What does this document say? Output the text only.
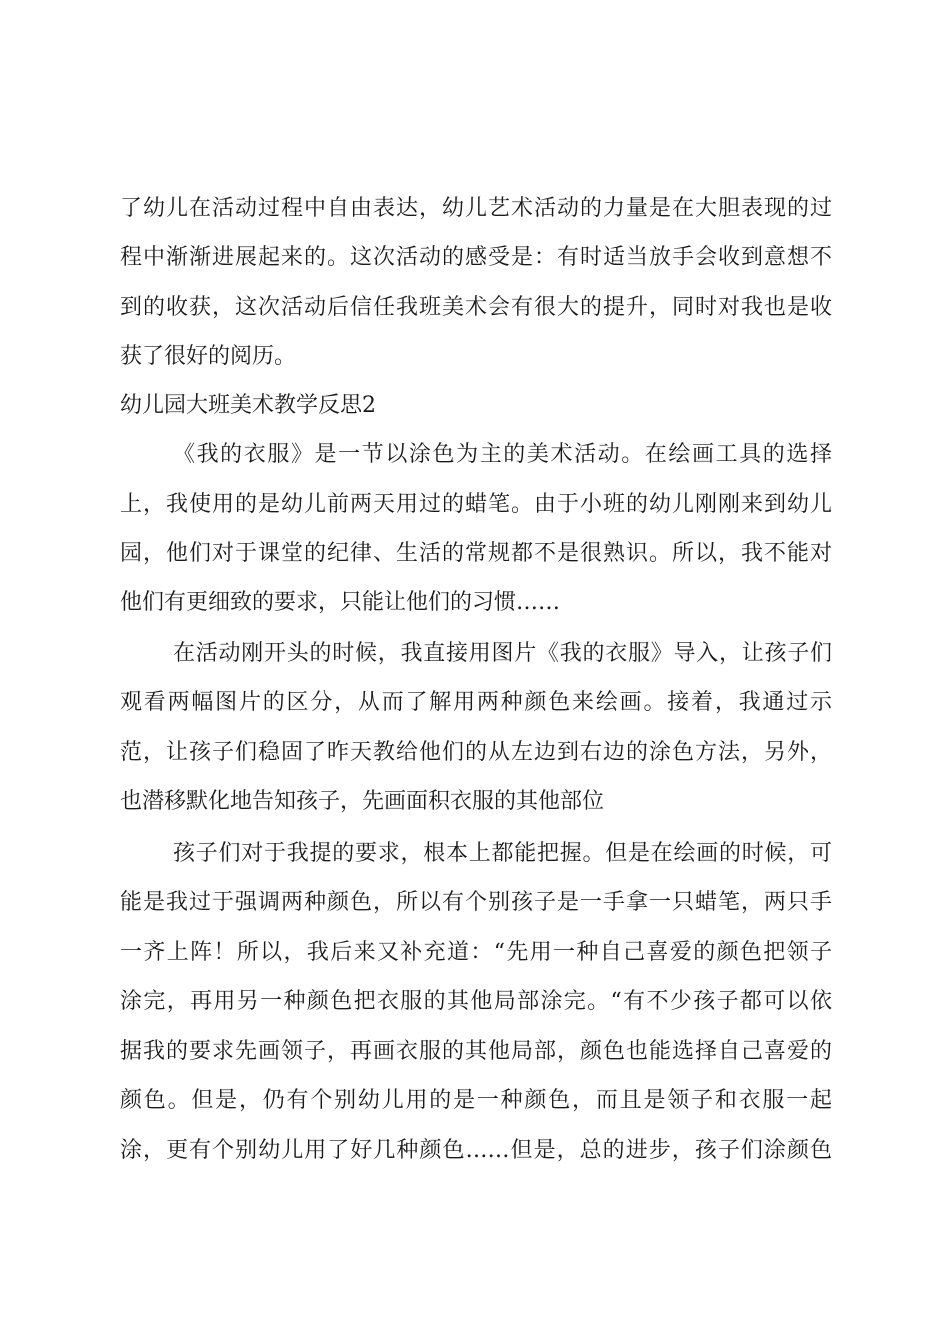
了幼儿在活动过程中自由表达，幼儿艺术活动的力量是在大胆表现的过
程中渐渐进展起来的。这次活动的感受是：有时适当放手会收到意想不
到的收获，这次活动后信任我班美术会有很大的提升，同时对我也是收
获了很好的阅历。
幼儿园大班美术教学反思2
《我的衣服》是一节以涂色为主的美术活动。在绘画工具的选择
上，我使用的是幼儿前两天用过的蜡笔。由于小班的幼儿刚刚来到幼儿
园，他们对于课堂的纪律、生活的常规都不是很熟识。所以，我不能对
他们有更细致的要求，只能让他们的习惯……
在活动刚开头的时候，我直接用图片《我的衣服》导入，让孩子们
观看两幅图片的区分，从而了解用两种颜色来绘画。接着，我通过示
范，让孩子们稳固了昨天教给他们的从左边到右边的涂色方法，另外，
也潜移默化地告知孩子，先画面积衣服的其他部位
孩子们对于我提的要求，根本上都能把握。但是在绘画的时候，可
能是我过于强调两种颜色，所以有个别孩子是一手拿一只蜡笔，两只手
一齐上阵！所以，我后来又补充道：“先用一种自己喜爱的颜色把领子
涂完，再用另一种颜色把衣服的其他局部涂完。“有不少孩子都可以依
据我的要求先画领子，再画衣服的其他局部，颜色也能选择自己喜爱的
颜色。但是，仍有个别幼儿用的是一种颜色，而且是领子和衣服一起
涂，更有个别幼儿用了好几种颜色……但是，总的进步，孩子们涂颜色
